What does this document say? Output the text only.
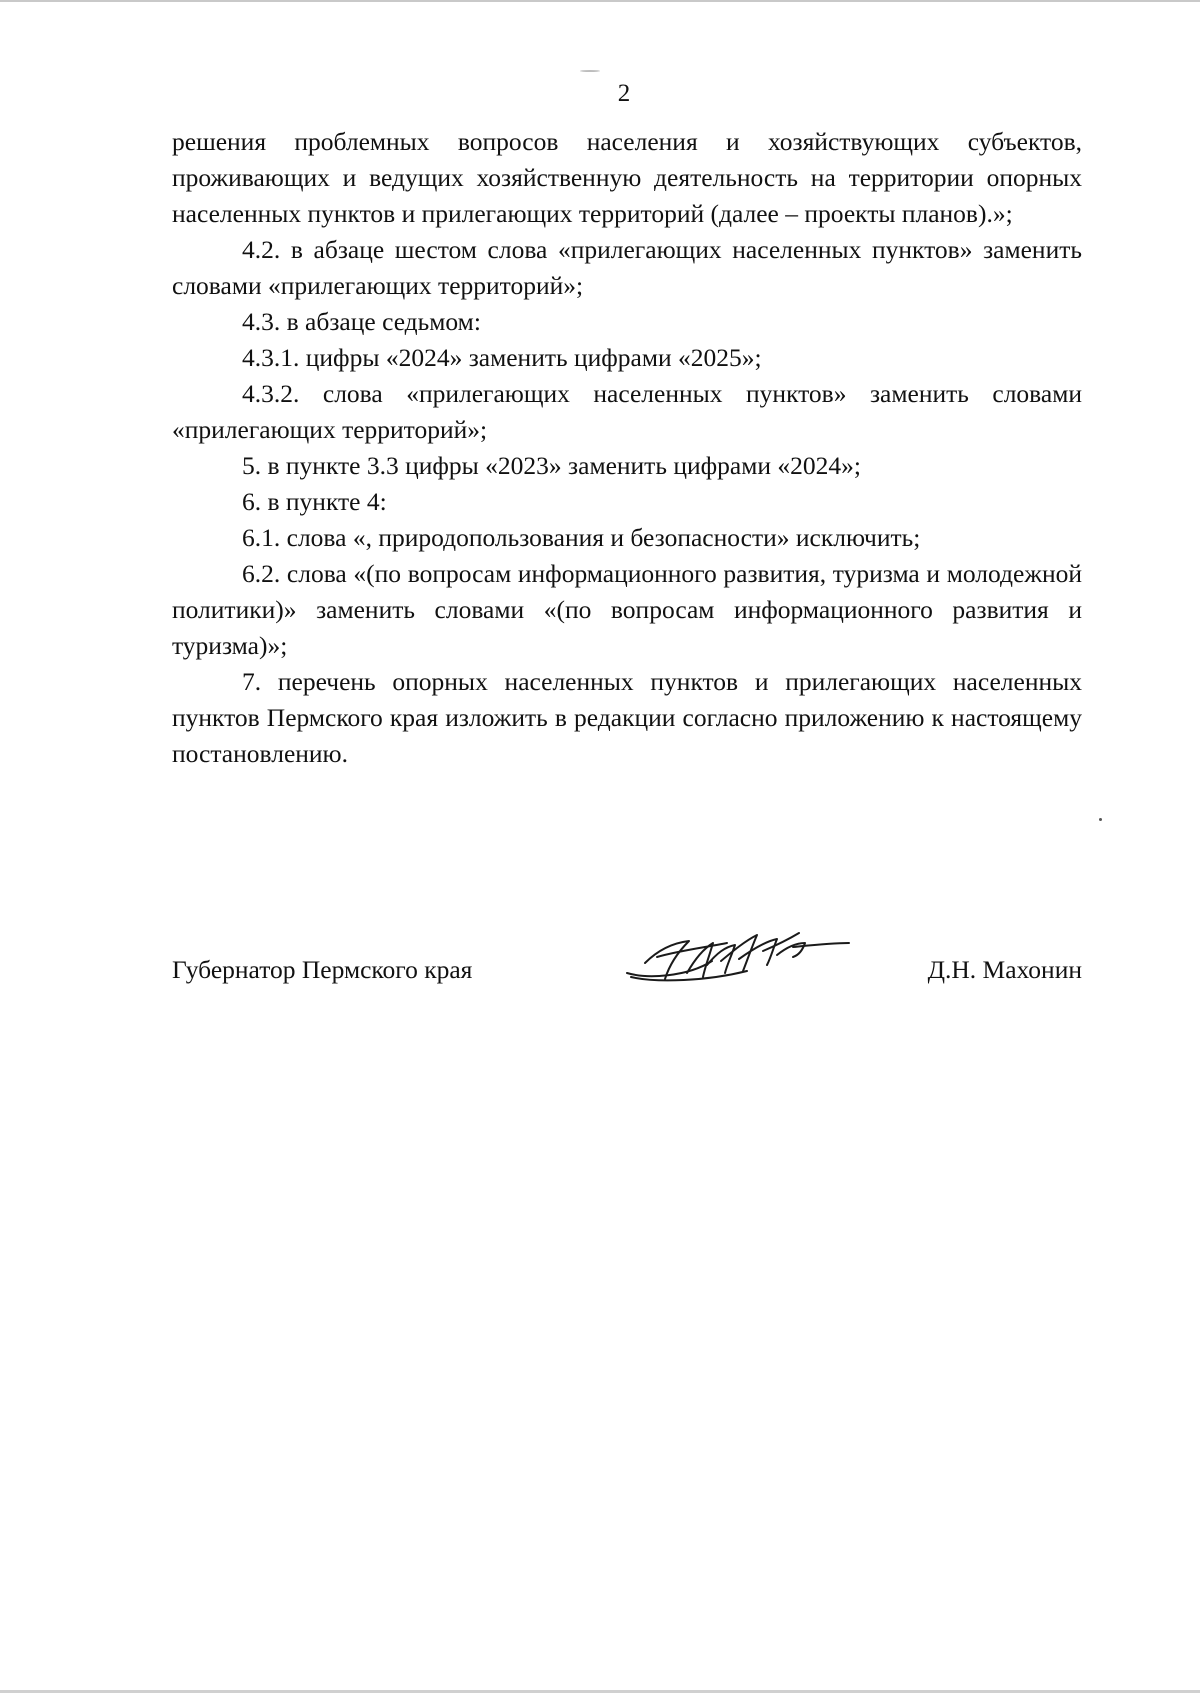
2

решения проблемных вопросов населения и хозяйствующих субъектов, проживающих и ведущих хозяйственную деятельность на территории опорных населенных пунктов и прилегающих территорий (далее – проекты планов).»;

4.2. в абзаце шестом слова «прилегающих населенных пунктов» заменить словами «прилегающих территорий»;

4.3. в абзаце седьмом:

4.3.1. цифры «2024» заменить цифрами «2025»;

4.3.2. слова «прилегающих населенных пунктов» заменить словами «прилегающих территорий»;

5. в пункте 3.3 цифры «2023» заменить цифрами «2024»;

6. в пункте 4:

6.1. слова «, природопользования и безопасности» исключить;

6.2. слова «(по вопросам информационного развития, туризма и молодежной политики)» заменить словами «(по вопросам информационного развития и туризма)»;

7. перечень опорных населенных пунктов и прилегающих населенных пунктов Пермского края изложить в редакции согласно приложению к настоящему постановлению.

Губернатор Пермского края	Д.Н. Махонин
